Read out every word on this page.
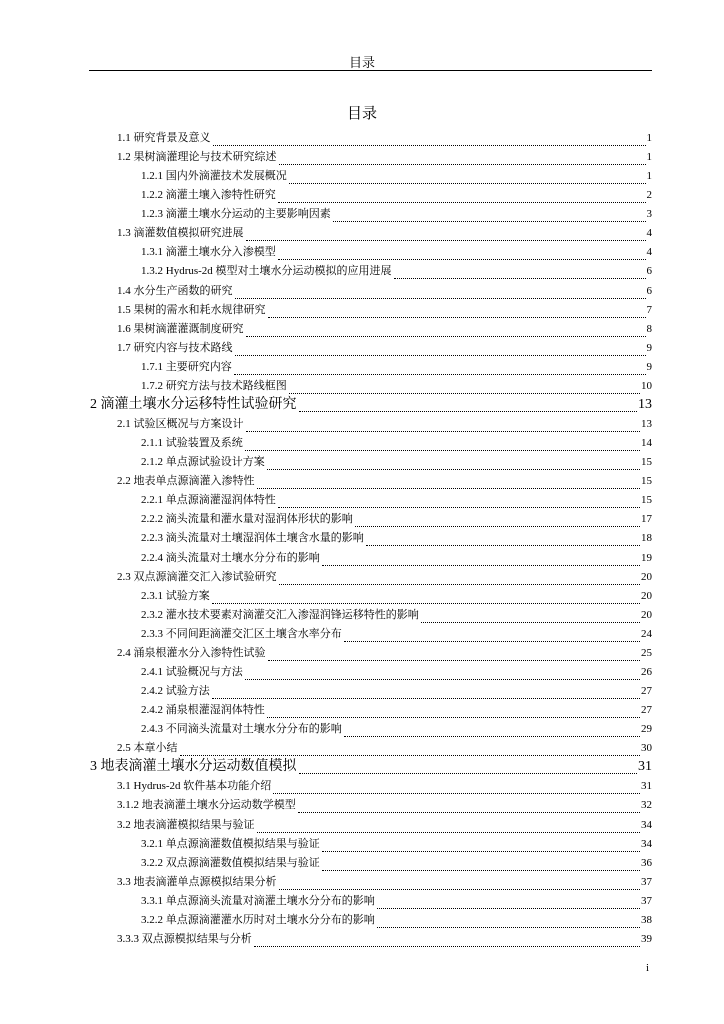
目录
目录
1.1 研究背景及意义	1
1.2 果树滴灌理论与技术研究综述	1
1.2.1 国内外滴灌技术发展概况	1
1.2.2 滴灌土壤入渗特性研究	2
1.2.3 滴灌土壤水分运动的主要影响因素	3
1.3 滴灌数值模拟研究进展	4
1.3.1 滴灌土壤水分入渗模型	4
1.3.2 Hydrus-2d 模型对土壤水分运动模拟的应用进展	6
1.4 水分生产函数的研究	6
1.5 果树的需水和耗水规律研究	7
1.6 果树滴灌灌溉制度研究	8
1.7 研究内容与技术路线	9
1.7.1 主要研究内容	9
1.7.2 研究方法与技术路线框图	10
2 滴灌土壤水分运移特性试验研究	13
2.1 试验区概况与方案设计	13
2.1.1 试验装置及系统	14
2.1.2 单点源试验设计方案	15
2.2 地表单点源滴灌入渗特性	15
2.2.1 单点源滴灌湿润体特性	15
2.2.2 滴头流量和灌水量对湿润体形状的影响	17
2.2.3 滴头流量对土壤湿润体土壤含水量的影响	18
2.2.4 滴头流量对土壤水分分布的影响	19
2.3 双点源滴灌交汇入渗试验研究	20
2.3.1 试验方案	20
2.3.2 灌水技术要素对滴灌交汇入渗湿润锋运移特性的影响	20
2.3.3 不同间距滴灌交汇区土壤含水率分布	24
2.4 涌泉根灌水分入渗特性试验	25
2.4.1 试验概况与方法	26
2.4.2 试验方法	27
2.4.2 涌泉根灌湿润体特性	27
2.4.3 不同滴头流量对土壤水分分布的影响	29
2.5 本章小结	30
3 地表滴灌土壤水分运动数值模拟	31
3.1 Hydrus-2d 软件基本功能介绍	31
3.1.2 地表滴灌土壤水分运动数学模型	32
3.2 地表滴灌模拟结果与验证	34
3.2.1 单点源滴灌数值模拟结果与验证	34
3.2.2 双点源滴灌数值模拟结果与验证	36
3.3 地表滴灌单点源模拟结果分析	37
3.3.1 单点源滴头流量对滴灌土壤水分分布的影响	37
3.2.2 单点源滴灌灌水历时对土壤水分分布的影响	38
3.3.3 双点源模拟结果与分析	39
i
